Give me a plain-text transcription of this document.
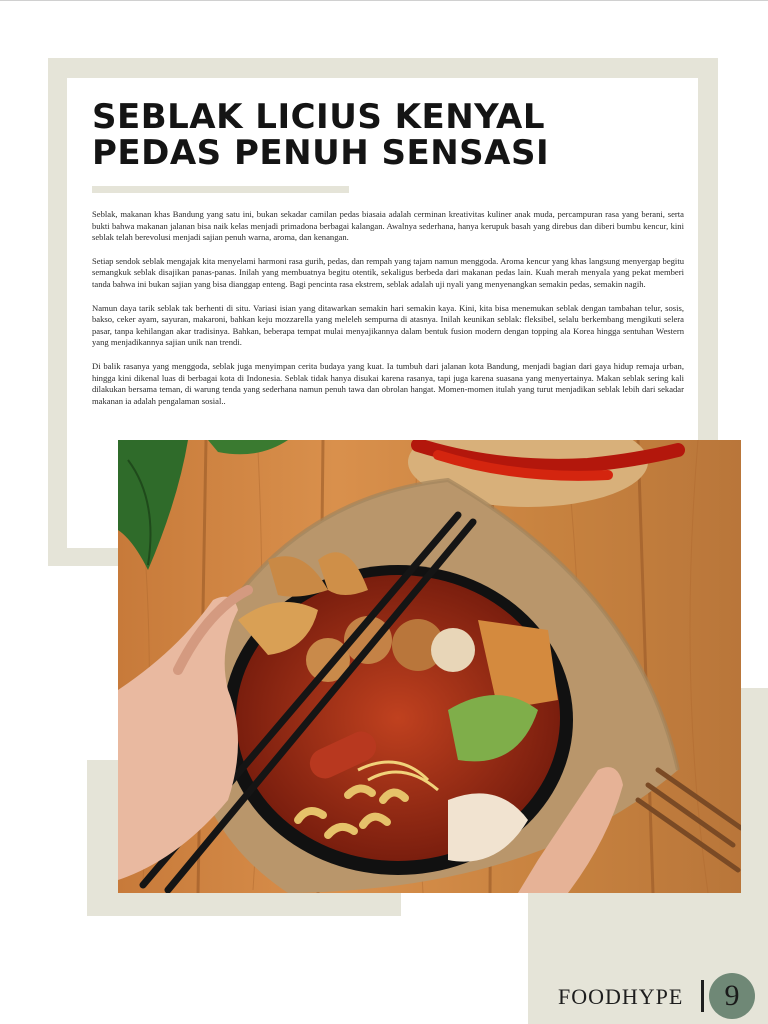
SEBLAK LICIUS KENYAL
PEDAS PENUH SENSASI

Seblak, makanan khas Bandung yang satu ini, bukan sekadar camilan pedas biasaia adalah cerminan kreativitas kuliner anak muda, percampuran rasa yang berani, serta bukti bahwa makanan jalanan bisa naik kelas menjadi primadona berbagai kalangan. Awalnya sederhana, hanya kerupuk basah yang direbus dan diberi bumbu kencur, kini seblak telah berevolusi menjadi sajian penuh warna, aroma, dan kenangan.

Setiap sendok seblak mengajak kita menyelami harmoni rasa gurih, pedas, dan rempah yang tajam namun menggoda. Aroma kencur yang khas langsung menyergap begitu semangkuk seblak disajikan panas-panas. Inilah yang membuatnya begitu otentik, sekaligus berbeda dari makanan pedas lain. Kuah merah menyala yang pekat memberi tanda bahwa ini bukan sajian yang bisa dianggap enteng. Bagi pencinta rasa ekstrem, seblak adalah uji nyali yang menyenangkan semakin pedas, semakin nagih.

Namun daya tarik seblak tak berhenti di situ. Variasi isian yang ditawarkan semakin hari semakin kaya. Kini, kita bisa menemukan seblak dengan tambahan telur, sosis, bakso, ceker ayam, sayuran, makaroni, bahkan keju mozzarella yang meleleh sempurna di atasnya. Inilah keunikan seblak: fleksibel, selalu berkembang mengikuti selera pasar, tanpa kehilangan akar tradisinya. Bahkan, beberapa tempat mulai menyajikannya dalam bentuk fusion modern dengan topping ala Korea hingga sentuhan Western yang menjadikannya sajian unik nan trendi.

Di balik rasanya yang menggoda, seblak juga menyimpan cerita budaya yang kuat. Ia tumbuh dari jalanan kota Bandung, menjadi bagian dari gaya hidup remaja urban, hingga kini dikenal luas di berbagai kota di Indonesia. Seblak tidak hanya disukai karena rasanya, tapi juga karena suasana yang menyertainya. Makan seblak sering kali dilakukan bersama teman, di warung tenda yang sederhana namun penuh tawa dan obrolan hangat. Momen-momen itulah yang turut menjadikan seblak lebih dari sekadar makanan ia adalah pengalaman sosial..

FOODHYPE	9
